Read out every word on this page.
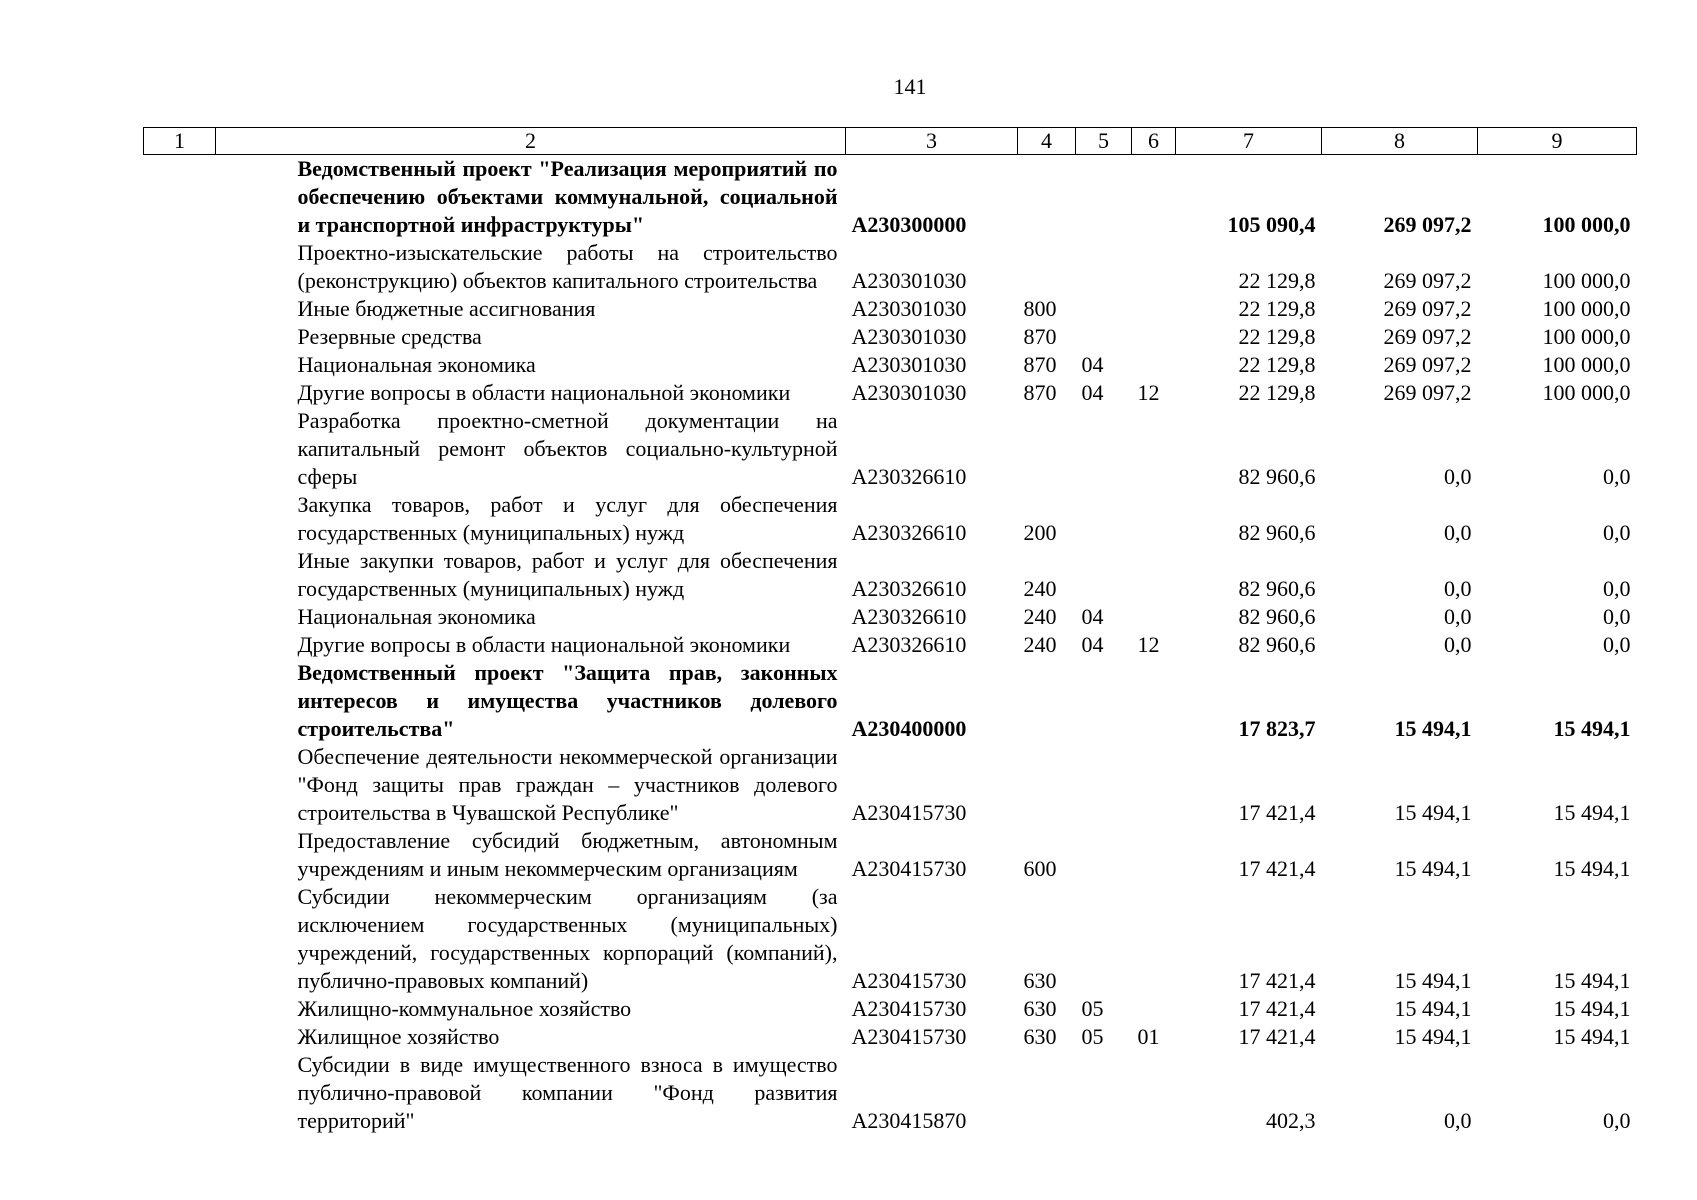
141
1	2	3	4	5	6	7	8	9
	Ведомственный проект "Реализация мероприятий по обеспечению объектами коммунальной, социальной и транспортной инфраструктуры"	А230300000				105 090,4	269 097,2	100 000,0
	Проектно-изыскательские работы на строительство (реконструкцию) объектов капитального строительства	А230301030				22 129,8	269 097,2	100 000,0
	Иные бюджетные ассигнования	А230301030	800			22 129,8	269 097,2	100 000,0
	Резервные средства	А230301030	870			22 129,8	269 097,2	100 000,0
	Национальная экономика	А230301030	870	04		22 129,8	269 097,2	100 000,0
	Другие вопросы в области национальной экономики	А230301030	870	04	12	22 129,8	269 097,2	100 000,0
	Разработка проектно-сметной документации на капитальный ремонт объектов социально-культурной сферы	А230326610				82 960,6	0,0	0,0
	Закупка товаров, работ и услуг для обеспечения государственных (муниципальных) нужд	А230326610	200			82 960,6	0,0	0,0
	Иные закупки товаров, работ и услуг для обеспечения государственных (муниципальных) нужд	А230326610	240			82 960,6	0,0	0,0
	Национальная экономика	А230326610	240	04		82 960,6	0,0	0,0
	Другие вопросы в области национальной экономики	А230326610	240	04	12	82 960,6	0,0	0,0
	Ведомственный проект "Защита прав, законных интересов и имущества участников долевого строительства"	А230400000				17 823,7	15 494,1	15 494,1
	Обеспечение деятельности некоммерческой организации "Фонд защиты прав граждан – участников долевого строительства в Чувашской Республике"	А230415730				17 421,4	15 494,1	15 494,1
	Предоставление субсидий бюджетным, автономным учреждениям и иным некоммерческим организациям	А230415730	600			17 421,4	15 494,1	15 494,1
	Субсидии некоммерческим организациям (за исключением государственных (муниципальных) учреждений, государственных корпораций (компаний), публично-правовых компаний)	А230415730	630			17 421,4	15 494,1	15 494,1
	Жилищно-коммунальное хозяйство	А230415730	630	05		17 421,4	15 494,1	15 494,1
	Жилищное хозяйство	А230415730	630	05	01	17 421,4	15 494,1	15 494,1
	Субсидии в виде имущественного взноса в имущество публично-правовой компании "Фонд развития территорий"	А230415870				402,3	0,0	0,0
